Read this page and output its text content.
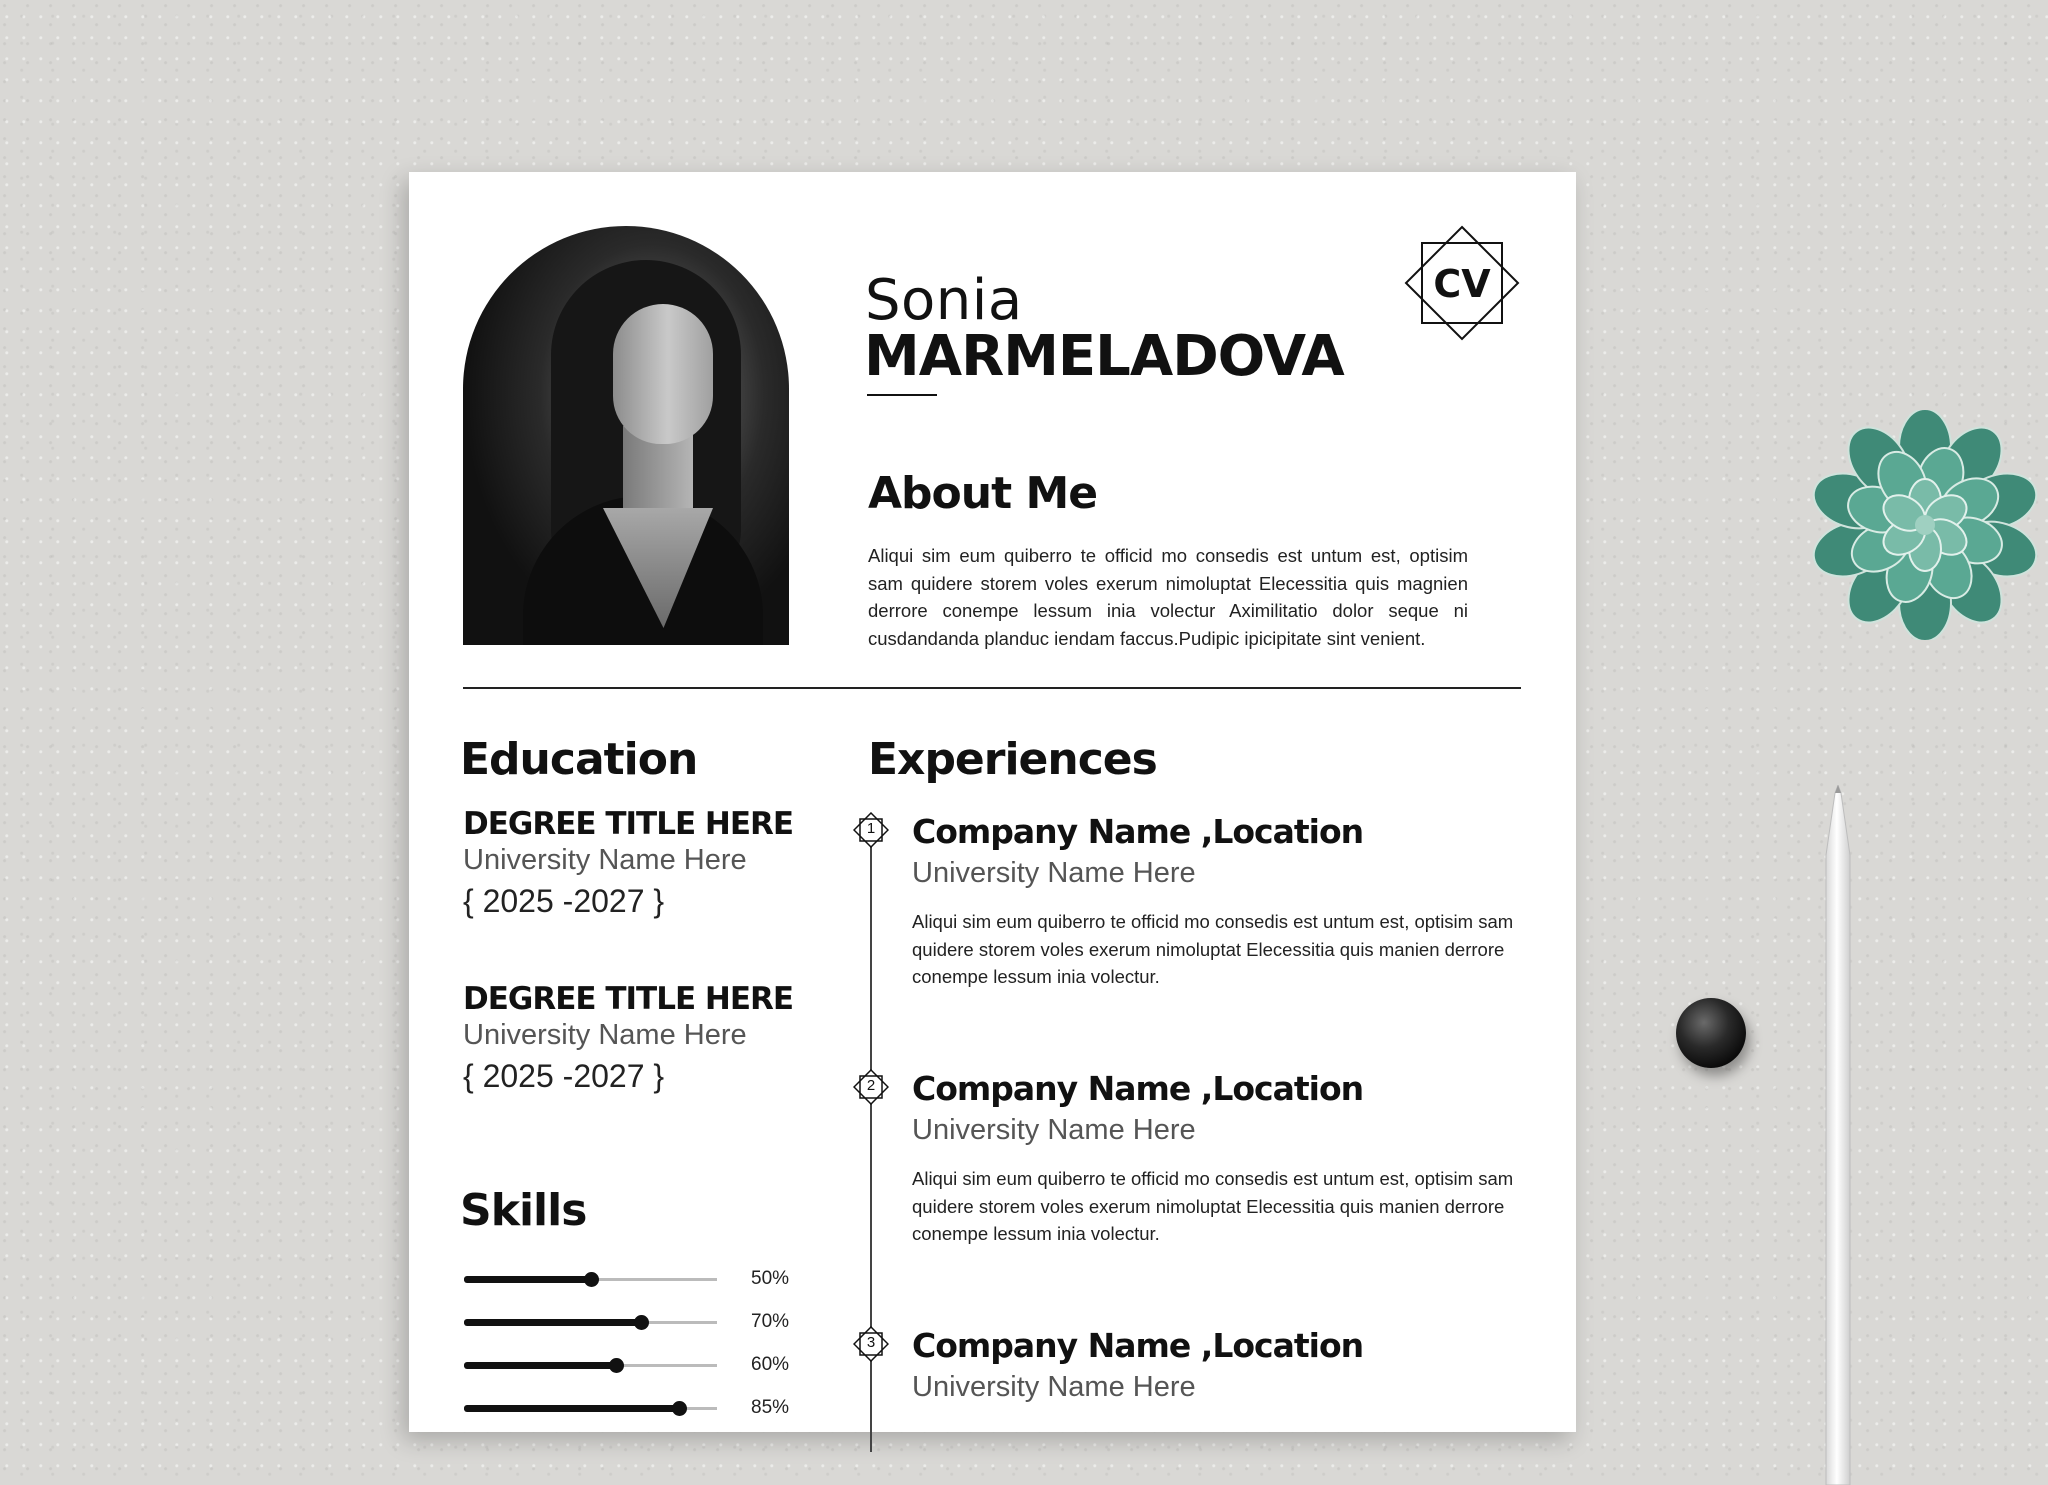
Sonia
MARMELADOVA
CV
About Me
Aliqui sim eum quiberro te officid mo consedis est untum est, optisim sam quidere storem voles exerum nimoluptat Elecessitia quis magnien derrore conempe lessum inia volectur Aximilitatio dolor seque ni cusdandanda planduc iendam faccus.Pudipic ipicipitate sint venient.
Education
DEGREE TITLE HERE
University Name Here
{ 2025 -2027 }
DEGREE TITLE HERE
University Name Here
{ 2025 -2027 }
Skills
50%
70%
60%
85%
Experiences
1	Company Name ,Location
University Name Here
Aliqui sim eum quiberro te officid mo consedis est untum est, optisim sam quidere storem voles exerum nimoluptat Elecessitia quis manien derrore conempe lessum inia volectur.
2	Company Name ,Location
University Name Here
Aliqui sim eum quiberro te officid mo consedis est untum est, optisim sam quidere storem voles exerum nimoluptat Elecessitia quis manien derrore conempe lessum inia volectur.
3	Company Name ,Location
University Name Here
